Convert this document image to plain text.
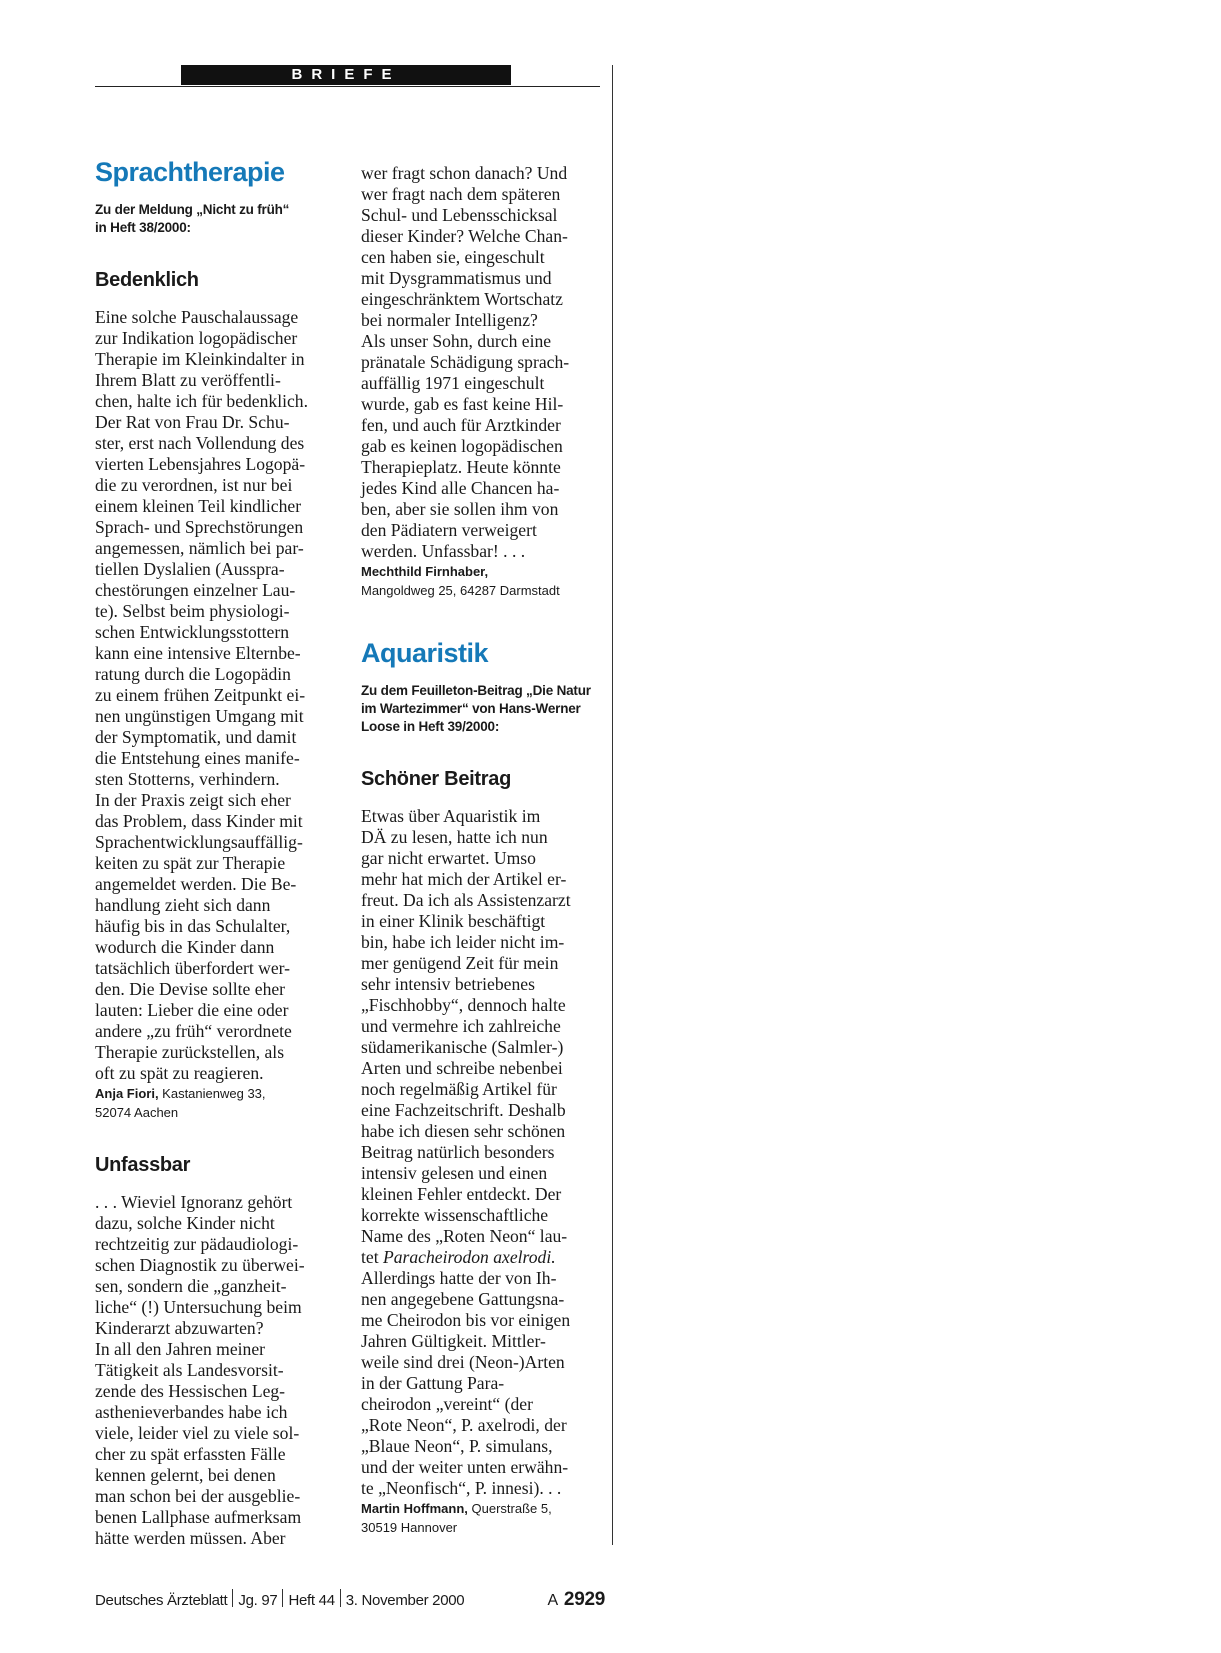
BRIEFE
Sprachtherapie

Zu der Meldung „Nicht zu früh“
in Heft 38/2000:

Bedenklich
Eine solche Pauschalaussage
zur Indikation logopädischer
Therapie im Kleinkindalter in
Ihrem Blatt zu veröffentli-
chen, halte ich für bedenklich.
Der Rat von Frau Dr. Schu-
ster, erst nach Vollendung des
vierten Lebensjahres Logopä-
die zu verordnen, ist nur bei
einem kleinen Teil kindlicher
Sprach- und Sprechstörungen
angemessen, nämlich bei par-
tiellen Dyslalien (Ausspra-
chestörungen einzelner Lau-
te). Selbst beim physiologi-
schen Entwicklungsstottern
kann eine intensive Elternbe-
ratung durch die Logopädin
zu einem frühen Zeitpunkt ei-
nen ungünstigen Umgang mit
der Symptomatik, und damit
die Entstehung eines manife-
sten Stotterns, verhindern.
In der Praxis zeigt sich eher
das Problem, dass Kinder mit
Sprachentwicklungsauffällig-
keiten zu spät zur Therapie
angemeldet werden. Die Be-
handlung zieht sich dann
häufig bis in das Schulalter,
wodurch die Kinder dann
tatsächlich überfordert wer-
den. Die Devise sollte eher
lauten: Lieber die eine oder
andere „zu früh“ verordnete
Therapie zurückstellen, als
oft zu spät zu reagieren.

Anja Fiori, Kastanienweg 33,
52074 Aachen

Unfassbar
. . . Wieviel Ignoranz gehört
dazu, solche Kinder nicht
rechtzeitig zur pädaudiologi-
schen Diagnostik zu überwei-
sen, sondern die „ganzheit-
liche“ (!) Untersuchung beim
Kinderarzt abzuwarten?
In all den Jahren meiner
Tätigkeit als Landesvorsit-
zende des Hessischen Leg-
asthenieverbandes habe ich
viele, leider viel zu viele sol-
cher zu spät erfassten Fälle
kennen gelernt, bei denen
man schon bei der ausgeblie-
benen Lallphase aufmerksam
hätte werden müssen. Aber
wer fragt schon danach? Und
wer fragt nach dem späteren
Schul- und Lebensschicksal
dieser Kinder? Welche Chan-
cen haben sie, eingeschult
mit Dysgrammatismus und
eingeschränktem Wortschatz
bei normaler Intelligenz?
Als unser Sohn, durch eine
pränatale Schädigung sprach-
auffällig 1971 eingeschult
wurde, gab es fast keine Hil-
fen, und auch für Arztkinder
gab es keinen logopädischen
Therapieplatz. Heute könnte
jedes Kind alle Chancen ha-
ben, aber sie sollen ihm von
den Pädiatern verweigert
werden. Unfassbar! . . .

Mechthild Firnhaber,
Mangoldweg 25, 64287 Darmstadt

Aquaristik

Zu dem Feuilleton-Beitrag „Die Natur
im Wartezimmer“ von Hans-Werner
Loose in Heft 39/2000:

Schöner Beitrag
Etwas über Aquaristik im
DÄ zu lesen, hatte ich nun
gar nicht erwartet. Umso
mehr hat mich der Artikel er-
freut. Da ich als Assistenzarzt
in einer Klinik beschäftigt
bin, habe ich leider nicht im-
mer genügend Zeit für mein
sehr intensiv betriebenes
„Fischhobby“, dennoch halte
und vermehre ich zahlreiche
südamerikanische (Salmler-)
Arten und schreibe nebenbei
noch regelmäßig Artikel für
eine Fachzeitschrift. Deshalb
habe ich diesen sehr schönen
Beitrag natürlich besonders
intensiv gelesen und einen
kleinen Fehler entdeckt. Der
korrekte wissenschaftliche
Name des „Roten Neon“ lau-
tet Paracheirodon axelrodi.
Allerdings hatte der von Ih-
nen angegebene Gattungsna-
me Cheirodon bis vor einigen
Jahren Gültigkeit. Mittler-
weile sind drei (Neon-)Arten
in der Gattung Para-
cheirodon „vereint“ (der
„Rote Neon“, P. axelrodi, der
„Blaue Neon“, P. simulans,
und der weiter unten erwähn-
te „Neonfisch“, P. innesi). . .

Martin Hoffmann, Querstraße 5,
30519 Hannover

Deutsches Ärzteblatt Jg. 97 Heft 44 3. November 2000	A 2929
